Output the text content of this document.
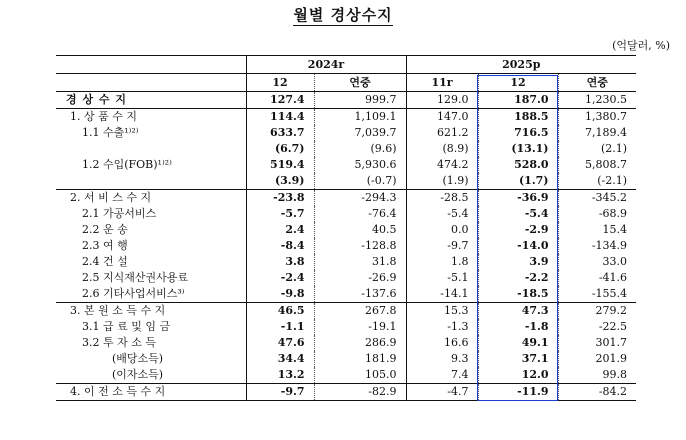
월별 경상수지
(억달러, %)
	2024r		2025p		
	12	연중	11r	12	연중
경 상 수 지	127.4	999.7	129.0	187.0	1,230.5
1. 상 품 수 지	114.4	1,109.1	147.0	188.5	1,380.7
1.1 수출¹⁾²⁾	633.7	7,039.7	621.2	716.5	7,189.4
	(6.7)	(9.6)	(8.9)	(13.1)	(2.1)
1.2 수입(FOB)¹⁾²⁾	519.4	5,930.6	474.2	528.0	5,808.7
	(3.9)	(-0.7)	(1.9)	(1.7)	(-2.1)
2. 서 비 스 수 지	-23.8	-294.3	-28.5	-36.9	-345.2
2.1 가공서비스	-5.7	-76.4	-5.4	-5.4	-68.9
2.2 운 송	2.4	40.5	0.0	-2.9	15.4
2.3 여 행	-8.4	-128.8	-9.7	-14.0	-134.9
2.4 건 설	3.8	31.8	1.8	3.9	33.0
2.5 지식재산권사용료	-2.4	-26.9	-5.1	-2.2	-41.6
2.6 기타사업서비스³⁾	-9.8	-137.6	-14.1	-18.5	-155.4
3. 본 원 소 득 수 지	46.5	267.8	15.3	47.3	279.2
3.1 급 료 및 임 금	-1.1	-19.1	-1.3	-1.8	-22.5
3.2 투 자 소 득	47.6	286.9	16.6	49.1	301.7
(배당소득)	34.4	181.9	9.3	37.1	201.9
(이자소득)	13.2	105.0	7.4	12.0	99.8
4. 이 전 소 득 수 지	-9.7	-82.9	-4.7	-11.9	-84.2
